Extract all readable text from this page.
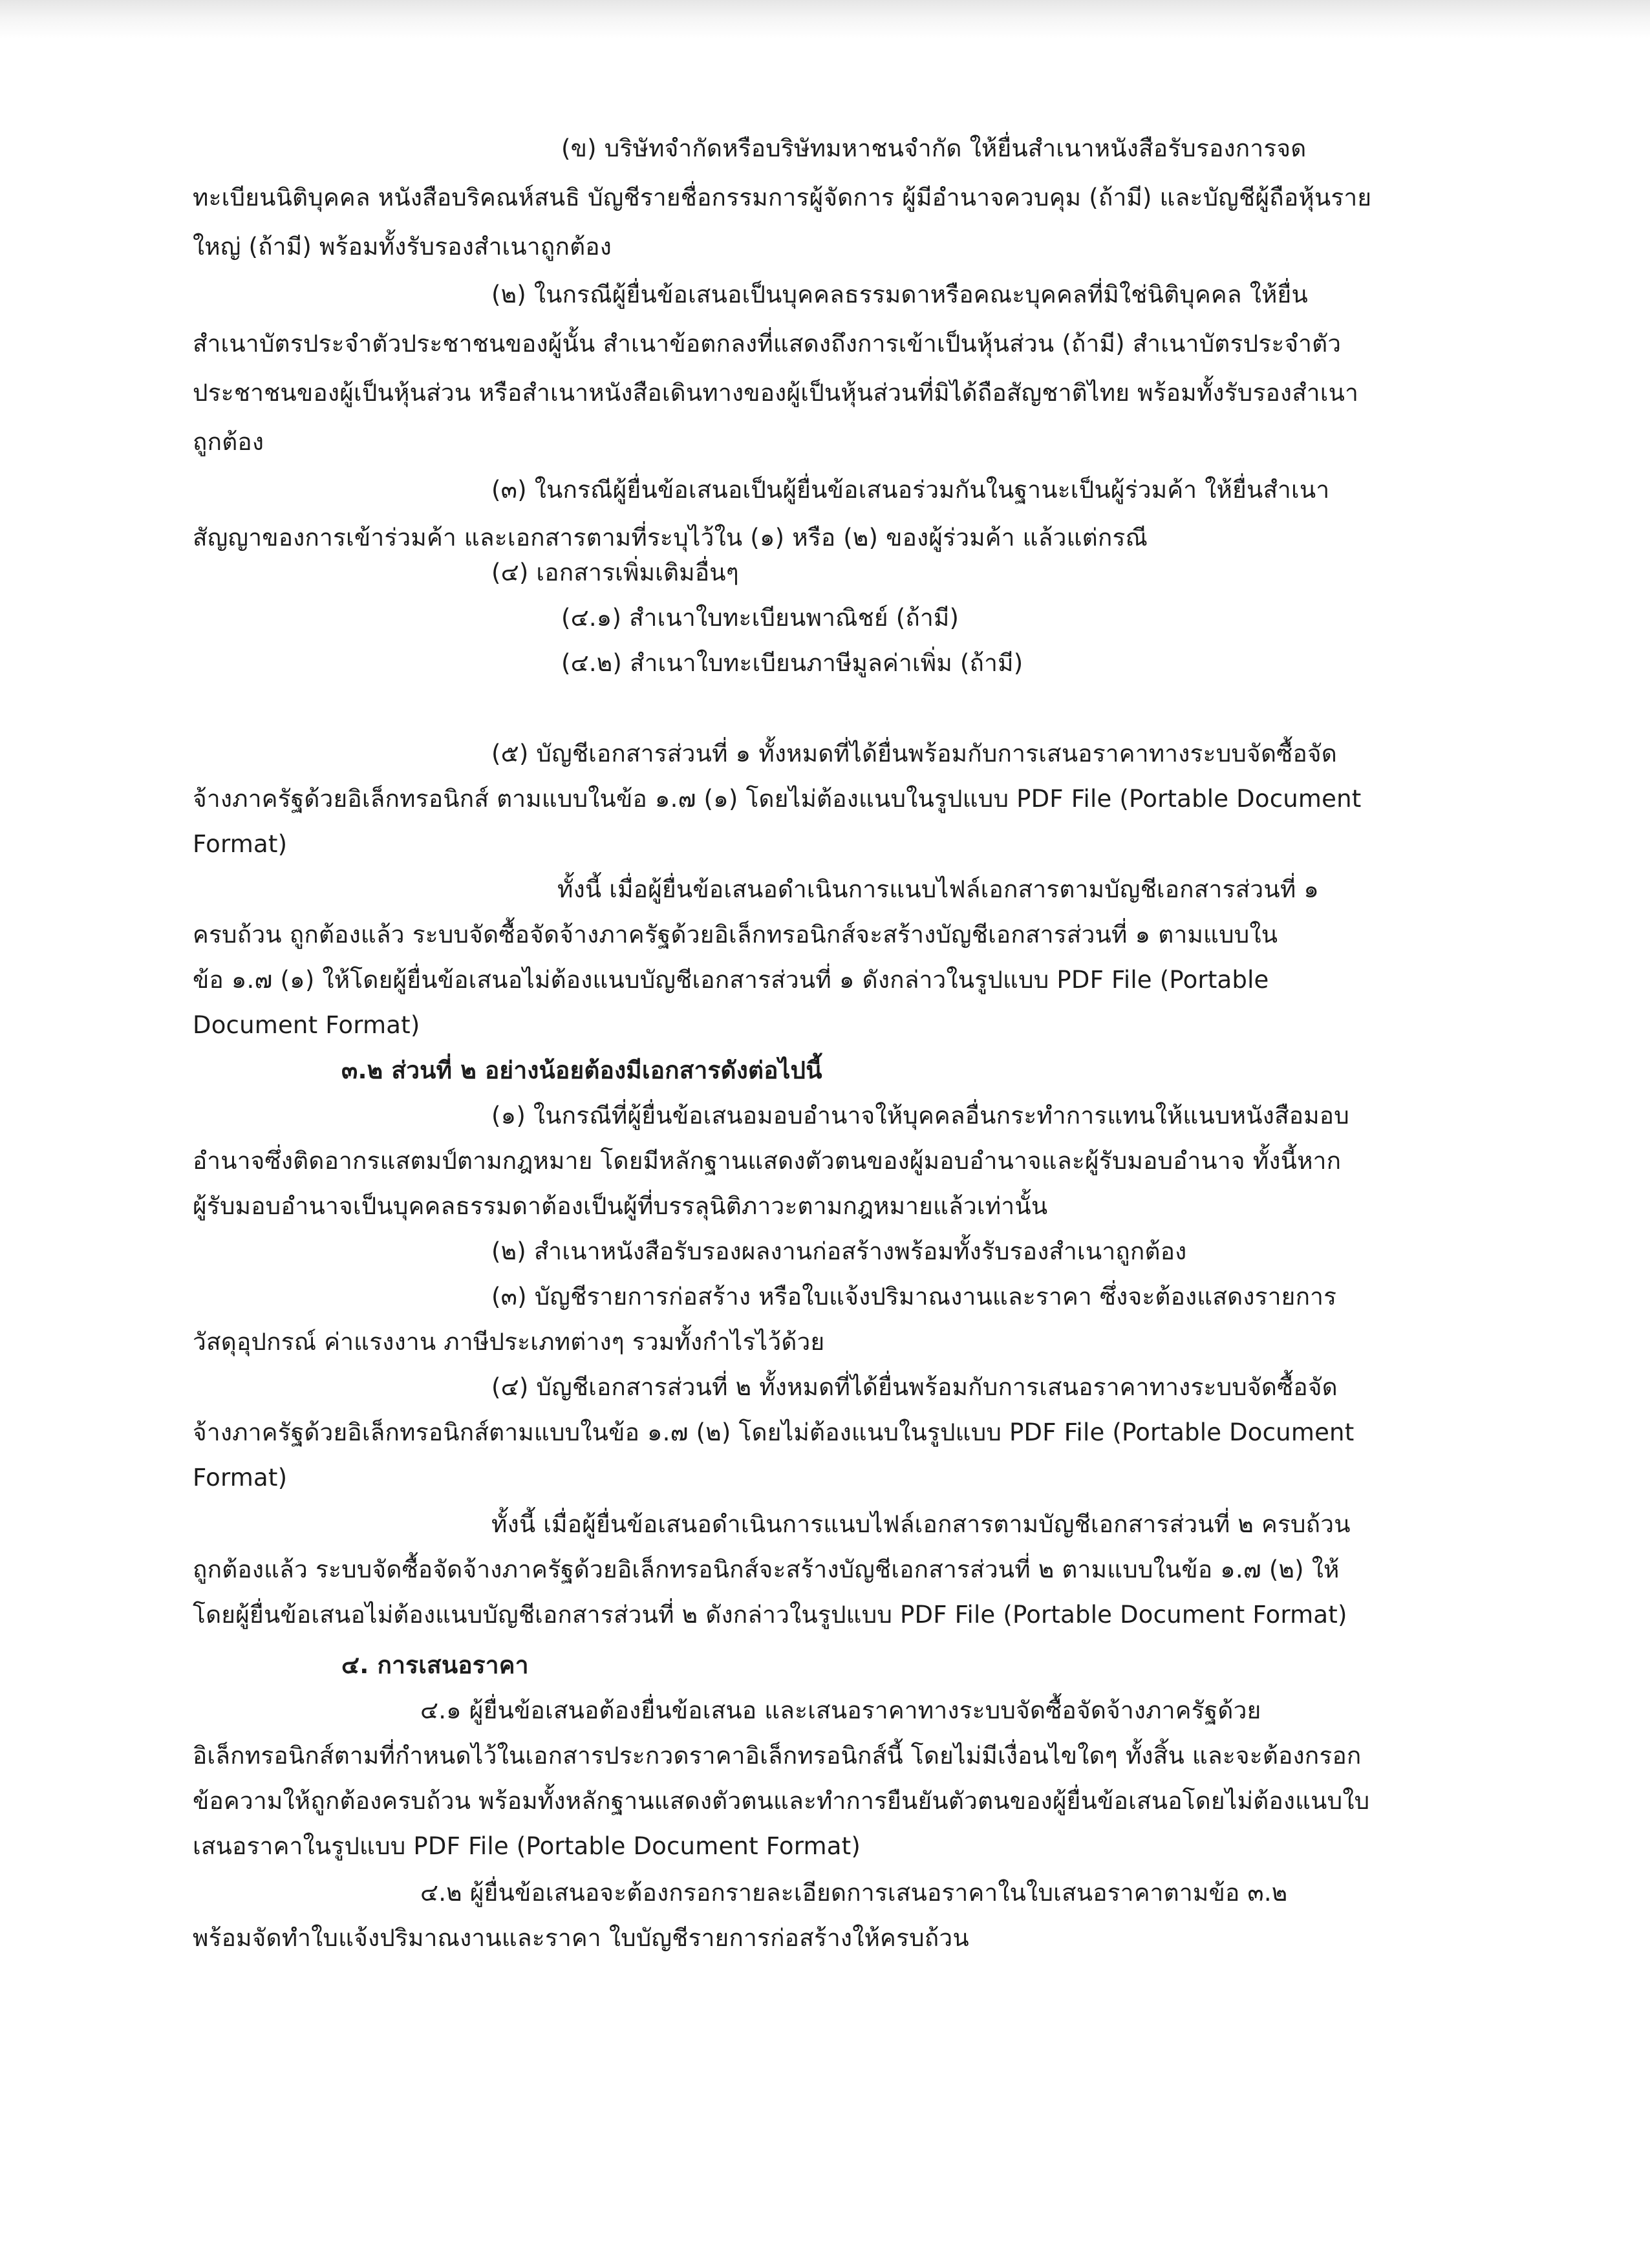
(ข) บริษัทจำกัดหรือบริษัทมหาชนจำกัด ให้ยื่นสำเนาหนังสือรับรองการจด
ทะเบียนนิติบุคคล หนังสือบริคณห์สนธิ บัญชีรายชื่อกรรมการผู้จัดการ ผู้มีอำนาจควบคุม (ถ้ามี) และบัญชีผู้ถือหุ้นราย
ใหญ่ (ถ้ามี) พร้อมทั้งรับรองสำเนาถูกต้อง
(๒) ในกรณีผู้ยื่นข้อเสนอเป็นบุคคลธรรมดาหรือคณะบุคคลที่มิใช่นิติบุคคล ให้ยื่น
สำเนาบัตรประจำตัวประชาชนของผู้นั้น สำเนาข้อตกลงที่แสดงถึงการเข้าเป็นหุ้นส่วน (ถ้ามี) สำเนาบัตรประจำตัว
ประชาชนของผู้เป็นหุ้นส่วน หรือสำเนาหนังสือเดินทางของผู้เป็นหุ้นส่วนที่มิได้ถือสัญชาติไทย พร้อมทั้งรับรองสำเนา
ถูกต้อง
(๓) ในกรณีผู้ยื่นข้อเสนอเป็นผู้ยื่นข้อเสนอร่วมกันในฐานะเป็นผู้ร่วมค้า ให้ยื่นสำเนา
สัญญาของการเข้าร่วมค้า และเอกสารตามที่ระบุไว้ใน (๑) หรือ (๒) ของผู้ร่วมค้า แล้วแต่กรณี
(๔) เอกสารเพิ่มเติมอื่นๆ
(๔.๑) สำเนาใบทะเบียนพาณิชย์ (ถ้ามี)
(๔.๒) สำเนาใบทะเบียนภาษีมูลค่าเพิ่ม (ถ้ามี)
(๕) บัญชีเอกสารส่วนที่ ๑ ทั้งหมดที่ได้ยื่นพร้อมกับการเสนอราคาทางระบบจัดซื้อจัด
จ้างภาครัฐด้วยอิเล็กทรอนิกส์ ตามแบบในข้อ ๑.๗ (๑) โดยไม่ต้องแนบในรูปแบบ PDF File (Portable Document
Format)
ทั้งนี้ เมื่อผู้ยื่นข้อเสนอดำเนินการแนบไฟล์เอกสารตามบัญชีเอกสารส่วนที่ ๑
ครบถ้วน ถูกต้องแล้ว ระบบจัดซื้อจัดจ้างภาครัฐด้วยอิเล็กทรอนิกส์จะสร้างบัญชีเอกสารส่วนที่ ๑ ตามแบบใน
ข้อ ๑.๗ (๑) ให้โดยผู้ยื่นข้อเสนอไม่ต้องแนบบัญชีเอกสารส่วนที่ ๑ ดังกล่าวในรูปแบบ PDF File (Portable
Document Format)
๓.๒ ส่วนที่ ๒ อย่างน้อยต้องมีเอกสารดังต่อไปนี้
(๑) ในกรณีที่ผู้ยื่นข้อเสนอมอบอำนาจให้บุคคลอื่นกระทำการแทนให้แนบหนังสือมอบ
อำนาจซึ่งติดอากรแสตมป์ตามกฎหมาย โดยมีหลักฐานแสดงตัวตนของผู้มอบอำนาจและผู้รับมอบอำนาจ ทั้งนี้หาก
ผู้รับมอบอำนาจเป็นบุคคลธรรมดาต้องเป็นผู้ที่บรรลุนิติภาวะตามกฎหมายแล้วเท่านั้น
(๒) สำเนาหนังสือรับรองผลงานก่อสร้างพร้อมทั้งรับรองสำเนาถูกต้อง
(๓) บัญชีรายการก่อสร้าง หรือใบแจ้งปริมาณงานและราคา ซึ่งจะต้องแสดงรายการ
วัสดุอุปกรณ์ ค่าแรงงาน ภาษีประเภทต่างๆ รวมทั้งกำไรไว้ด้วย
(๔) บัญชีเอกสารส่วนที่ ๒ ทั้งหมดที่ได้ยื่นพร้อมกับการเสนอราคาทางระบบจัดซื้อจัด
จ้างภาครัฐด้วยอิเล็กทรอนิกส์ตามแบบในข้อ ๑.๗ (๒) โดยไม่ต้องแนบในรูปแบบ PDF File (Portable Document
Format)
ทั้งนี้ เมื่อผู้ยื่นข้อเสนอดำเนินการแนบไฟล์เอกสารตามบัญชีเอกสารส่วนที่ ๒ ครบถ้วน
ถูกต้องแล้ว ระบบจัดซื้อจัดจ้างภาครัฐด้วยอิเล็กทรอนิกส์จะสร้างบัญชีเอกสารส่วนที่ ๒ ตามแบบในข้อ ๑.๗ (๒) ให้
โดยผู้ยื่นข้อเสนอไม่ต้องแนบบัญชีเอกสารส่วนที่ ๒ ดังกล่าวในรูปแบบ PDF File (Portable Document Format)
๔. การเสนอราคา
๔.๑ ผู้ยื่นข้อเสนอต้องยื่นข้อเสนอ และเสนอราคาทางระบบจัดซื้อจัดจ้างภาครัฐด้วย
อิเล็กทรอนิกส์ตามที่กำหนดไว้ในเอกสารประกวดราคาอิเล็กทรอนิกส์นี้ โดยไม่มีเงื่อนไขใดๆ ทั้งสิ้น และจะต้องกรอก
ข้อความให้ถูกต้องครบถ้วน พร้อมทั้งหลักฐานแสดงตัวตนและทำการยืนยันตัวตนของผู้ยื่นข้อเสนอโดยไม่ต้องแนบใบ
เสนอราคาในรูปแบบ PDF File (Portable Document Format)
๔.๒ ผู้ยื่นข้อเสนอจะต้องกรอกรายละเอียดการเสนอราคาในใบเสนอราคาตามข้อ ๓.๒
พร้อมจัดทำใบแจ้งปริมาณงานและราคา ใบบัญชีรายการก่อสร้างให้ครบถ้วน
